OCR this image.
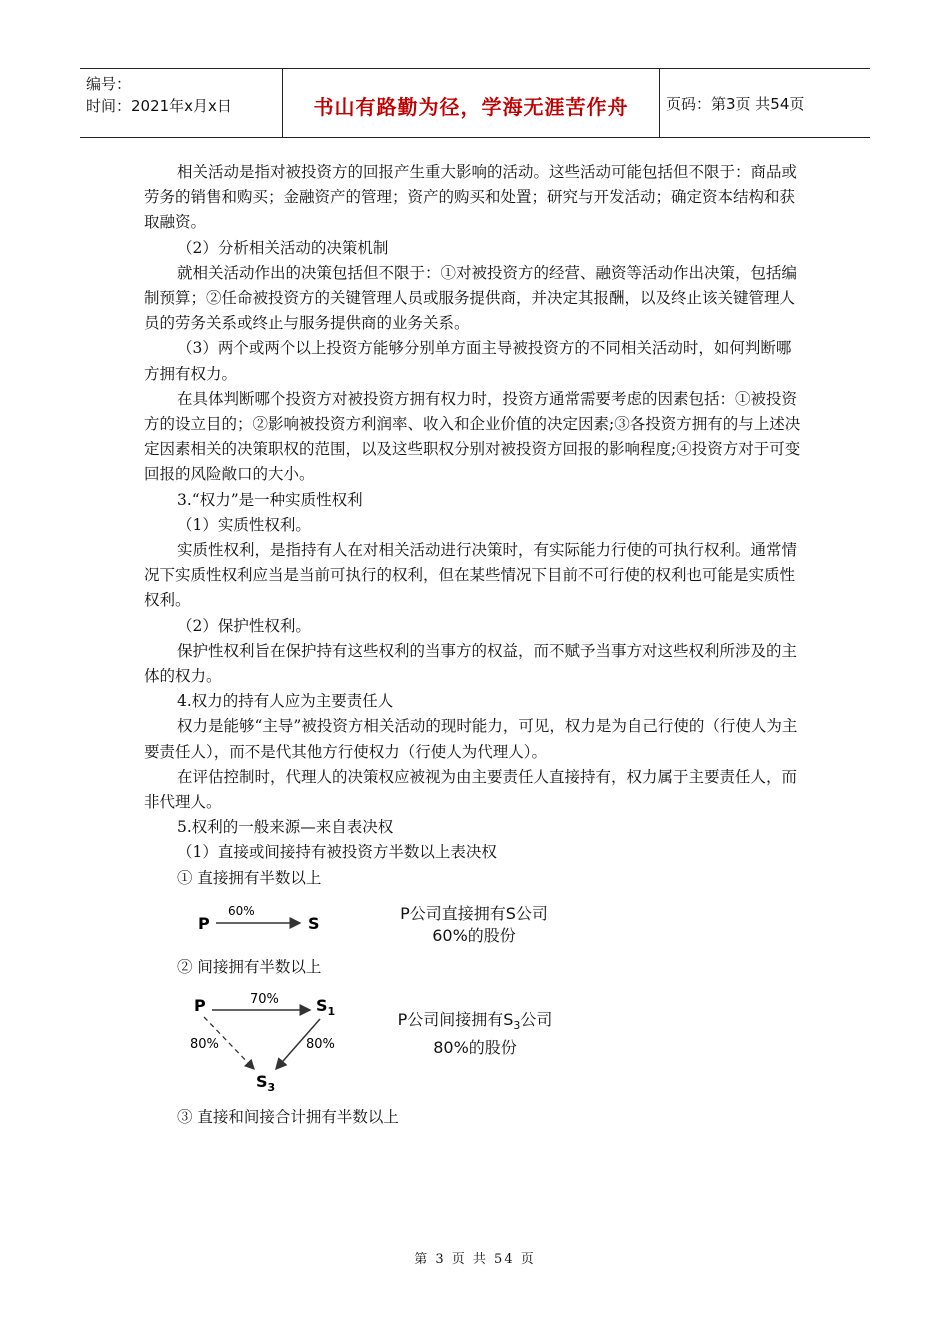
编号：
时间：2021年x月x日	书山有路勤为径，学海无涯苦作舟	页码：第3页 共54页

相关活动是指对被投资方的回报产生重大影响的活动。这些活动可能包括但不限于：商品或劳务的销售和购买；金融资产的管理；资产的购买和处置；研究与开发活动；确定资本结构和获取融资。

（2）分析相关活动的决策机制

就相关活动作出的决策包括但不限于：①对被投资方的经营、融资等活动作出决策，包括编制预算；②任命被投资方的关键管理人员或服务提供商，并决定其报酬，以及终止该关键管理人员的劳务关系或终止与服务提供商的业务关系。

（3）两个或两个以上投资方能够分别单方面主导被投资方的不同相关活动时，如何判断哪方拥有权力。

在具体判断哪个投资方对被投资方拥有权力时，投资方通常需要考虑的因素包括：①被投资方的设立目的；②影响被投资方利润率、收入和企业价值的决定因素;③各投资方拥有的与上述决定因素相关的决策职权的范围，以及这些职权分别对被投资方回报的影响程度;④投资方对于可变回报的风险敞口的大小。

3.“权力”是一种实质性权利

（1）实质性权利。

实质性权利，是指持有人在对相关活动进行决策时，有实际能力行使的可执行权利。通常情况下实质性权利应当是当前可执行的权利，但在某些情况下目前不可行使的权利也可能是实质性权利。

（2）保护性权利。

保护性权利旨在保护持有这些权利的当事方的权益，而不赋予当事方对这些权利所涉及的主体的权力。

4.权力的持有人应为主要责任人

权力是能够“主导”被投资方相关活动的现时能力，可见，权力是为自己行使的（行使人为主要责任人），而不是代其他方行使权力（行使人为代理人）。

在评估控制时，代理人的决策权应被视为由主要责任人直接持有，权力属于主要责任人，而非代理人。

5.权利的一般来源—来自表决权

（1）直接或间接持有被投资方半数以上表决权

① 直接拥有半数以上

P
60%
S
P公司直接拥有S公司
60%的股份
P	70% $S_1$
80%	80%
$S_3$
P公司间接拥有$S_3$公司
80%的股份
② 间接拥有半数以上
③ 直接和间接合计拥有半数以上
第 3 页 共 54 页
